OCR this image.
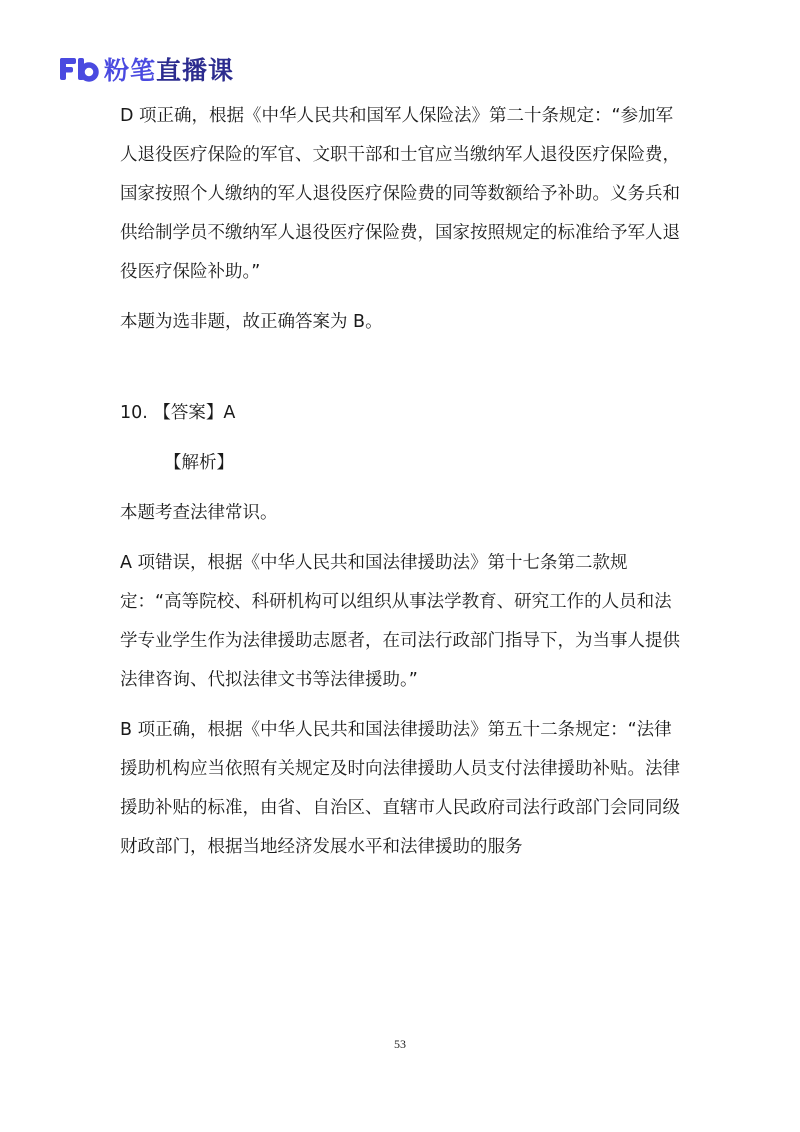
粉笔直播课

D 项正确，根据《中华人民共和国军人保险法》第二十条规定：“参加军人退役医疗保险的军官、文职干部和士官应当缴纳军人退役医疗保险费，国家按照个人缴纳的军人退役医疗保险费的同等数额给予补助。义务兵和供给制学员不缴纳军人退役医疗保险费，国家按照规定的标准给予军人退役医疗保险补助。”

本题为选非题，故正确答案为 B。

10. 【答案】A

【解析】

本题考查法律常识。

A 项错误，根据《中华人民共和国法律援助法》第十七条第二款规定：“高等院校、科研机构可以组织从事法学教育、研究工作的人员和法学专业学生作为法律援助志愿者，在司法行政部门指导下，为当事人提供法律咨询、代拟法律文书等法律援助。”

B 项正确，根据《中华人民共和国法律援助法》第五十二条规定：“法律援助机构应当依照有关规定及时向法律援助人员支付法律援助补贴。法律援助补贴的标准，由省、自治区、直辖市人民政府司法行政部门会同同级财政部门，根据当地经济发展水平和法律援助的服务

53
